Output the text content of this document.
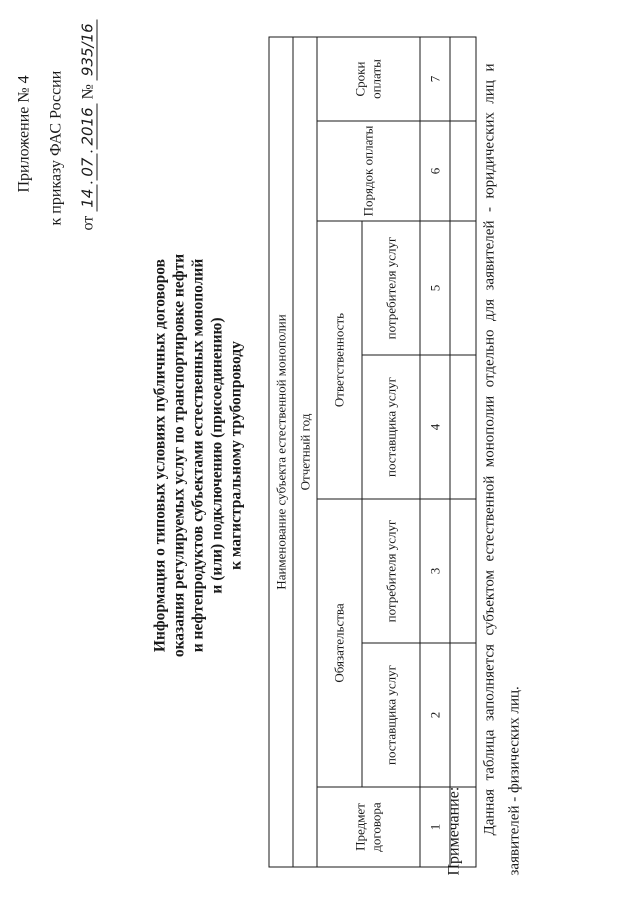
Приложение № 4 к приказу ФАС России от 14.07.2016 № 935/16
Информация о типовых условиях публичных договоров оказания регулируемых услуг по транспортировке нефти и нефтепродуктов субъектами естественных монополий и (или) подключению (присоединению) к магистральному трубопроводу Наименование субъекта естественной монополии						
Отчетный год						
Предмет договора	Обязательства		Ответственность		Порядок оплаты	Сроки оплаты
	поставщика услуг	потребителя услуг	поставщика услуг	потребителя услуг		
1	2	3	4	5	6	7

Примечание: Данная таблица заполняется субъектом естественной монополии отдельно для заявителей - юридических лиц и заявителей - физических лиц.
